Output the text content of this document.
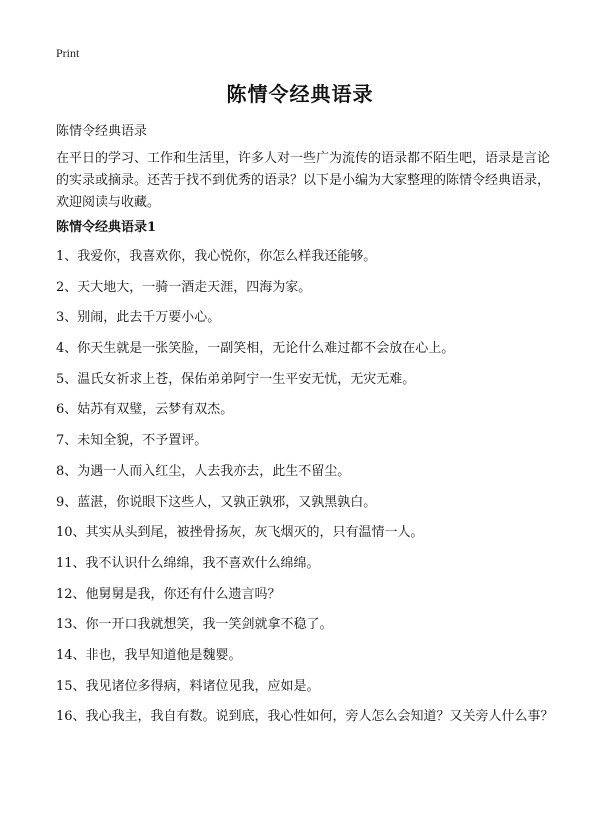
Print
陈情令经典语录
陈情令经典语录
在平日的学习、工作和生活里，许多人对一些广为流传的语录都不陌生吧，语录是言论的实录或摘录。还苦于找不到优秀的语录？以下是小编为大家整理的陈情令经典语录，欢迎阅读与收藏。
陈情令经典语录1
1、我爱你，我喜欢你，我心悦你，你怎么样我还能够。
2、天大地大，一骑一酒走天涯，四海为家。
3、别闹，此去千万要小心。
4、你天生就是一张笑脸，一副笑相，无论什么难过都不会放在心上。
5、温氏女祈求上苍，保佑弟弟阿宁一生平安无忧，无灾无难。
6、姑苏有双璧，云梦有双杰。
7、未知全貌，不予置评。
8、为遇一人而入红尘，人去我亦去，此生不留尘。
9、蓝湛，你说眼下这些人，又孰正孰邪，又孰黑孰白。
10、其实从头到尾，被挫骨扬灰，灰飞烟灭的，只有温情一人。
11、我不认识什么绵绵，我不喜欢什么绵绵。
12、他舅舅是我，你还有什么遗言吗？
13、你一开口我就想笑，我一笑剑就拿不稳了。
14、非也，我早知道他是魏婴。
15、我见诸位多得病，料诸位见我，应如是。
16、我心我主，我自有数。说到底，我心性如何，旁人怎么会知道？又关旁人什么事？
